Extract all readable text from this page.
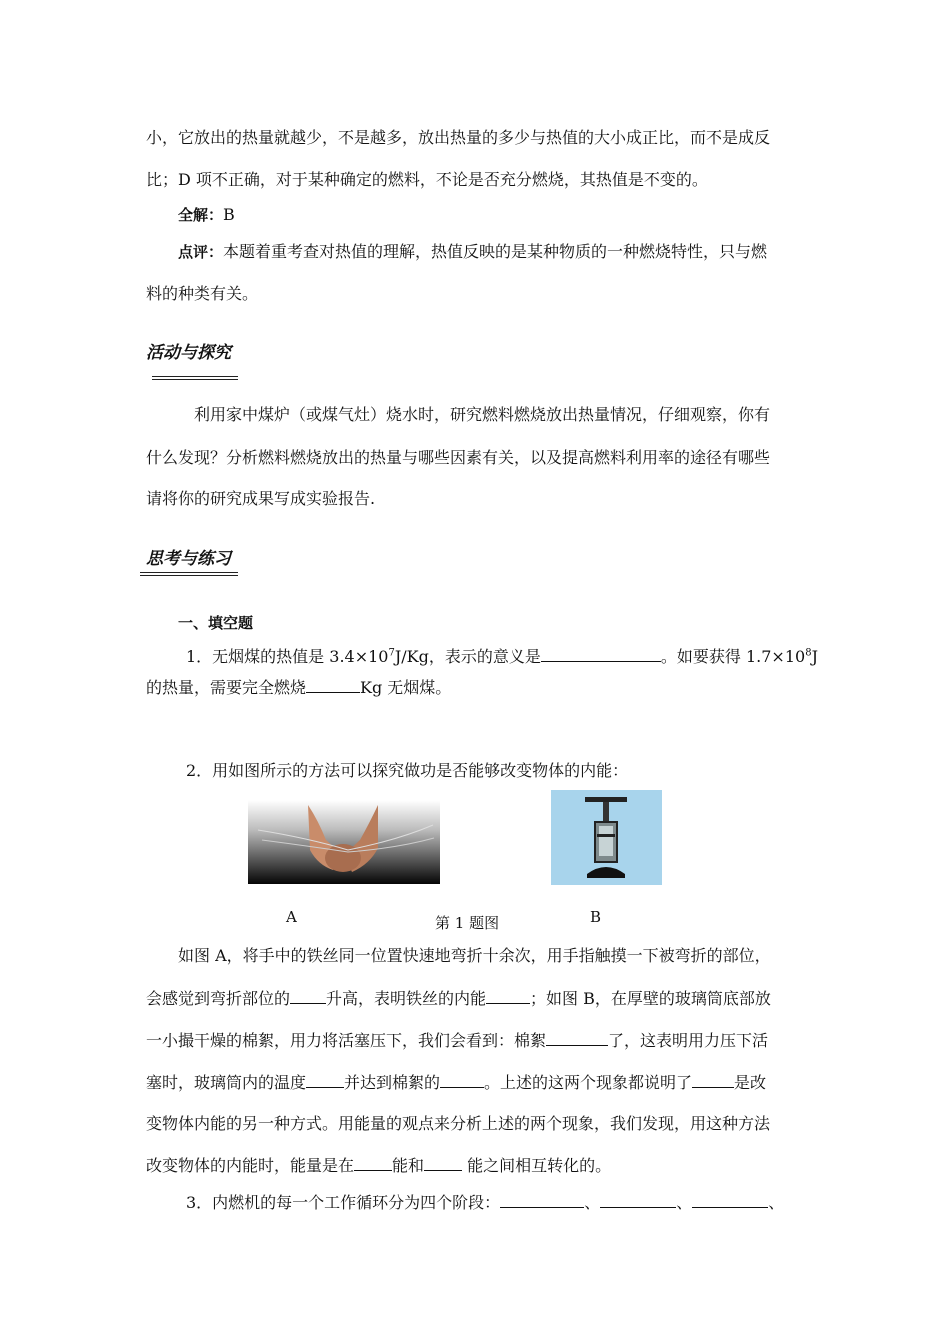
小，它放出的热量就越少，不是越多，放出热量的多少与热值的大小成正比，而不是成反
比；D 项不正确，对于某种确定的燃料，不论是否充分燃烧，其热值是不变的。
全解：B
点评：本题着重考查对热值的理解，热值反映的是某种物质的一种燃烧特性，只与燃
料的种类有关。
活动与探究
利用家中煤炉（或煤气灶）烧水时，研究燃料燃烧放出热量情况，仔细观察，你有
什么发现？分析燃料燃烧放出的热量与哪些因素有关，以及提高燃料利用率的途径有哪些
请将你的研究成果写成实验报告.
思考与练习
一、填空题
1．无烟煤的热值是 $3.4\times 10^7J/Kg$，表示的意义是	。如要获得 $1.7\times 10^8J$
的热量，需要完全燃烧	Kg 无烟煤。
2．用如图所示的方法可以探究做功是否能够改变物体的内能：
A	第 1 题图	B
如图 A，将手中的铁丝同一位置快速地弯折十余次，用手指触摸一下被弯折的部位，
会感觉到弯折部位的 升高，表明铁丝的内能	；如图 B，在厚壁的玻璃筒底部放
一小撮干燥的棉絮，用力将活塞压下，我们会看到：棉絮	了，这表明用力压下活
塞时，玻璃筒内的温度 并达到棉絮的	。上述的这两个现象都说明了	是改
变物体内能的另一种方式。用能量的观点来分析上述的两个现象，我们发现，用这种方法
改变物体的内能时，能量是在 能和 能之间相互转化的。
3．内燃机的每一个工作循环分为四个阶段：	、	、	、
